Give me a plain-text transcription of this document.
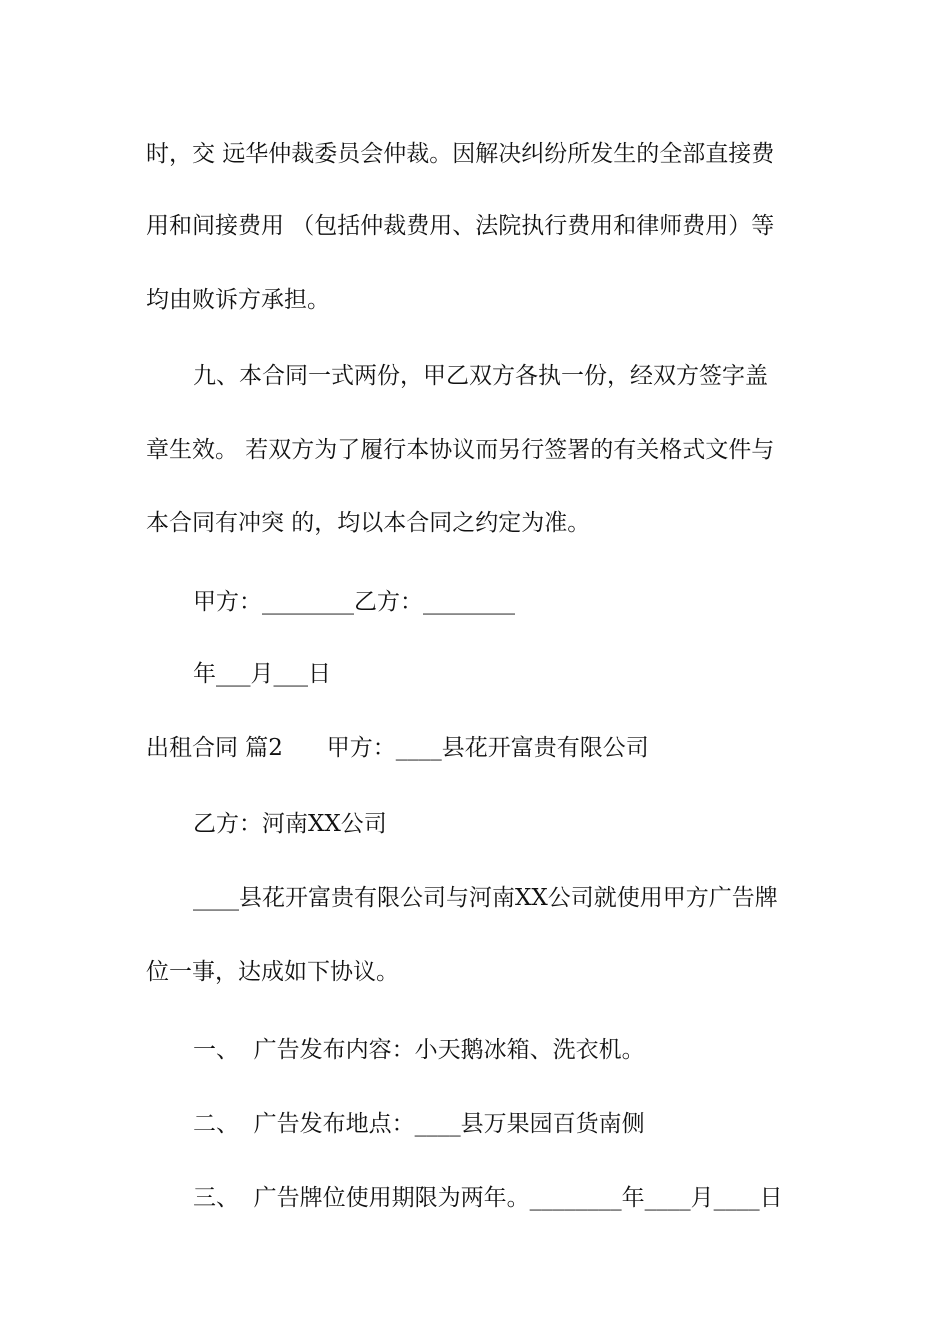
时，交 远华仲裁委员会仲裁。因解决纠纷所发生的全部直接费
用和间接费用 （包括仲裁费用、法院执行费用和律师费用）等
均由败诉方承担。
九、本合同一式两份，甲乙双方各执一份，经双方签字盖
章生效。 若双方为了履行本协议而另行签署的有关格式文件与
本合同有冲突 的，均以本合同之约定为准。
甲方：________乙方：________
年___月___日
出租合同 篇2      甲方：____县花开富贵有限公司
乙方：河南XX公司
____县花开富贵有限公司与河南XX公司就使用甲方广告牌
位一事，达成如下协议。
一、  广告发布内容：小天鹅冰箱、洗衣机。
二、  广告发布地点：____县万果园百货南侧
三、  广告牌位使用期限为两年。________年____月____日
